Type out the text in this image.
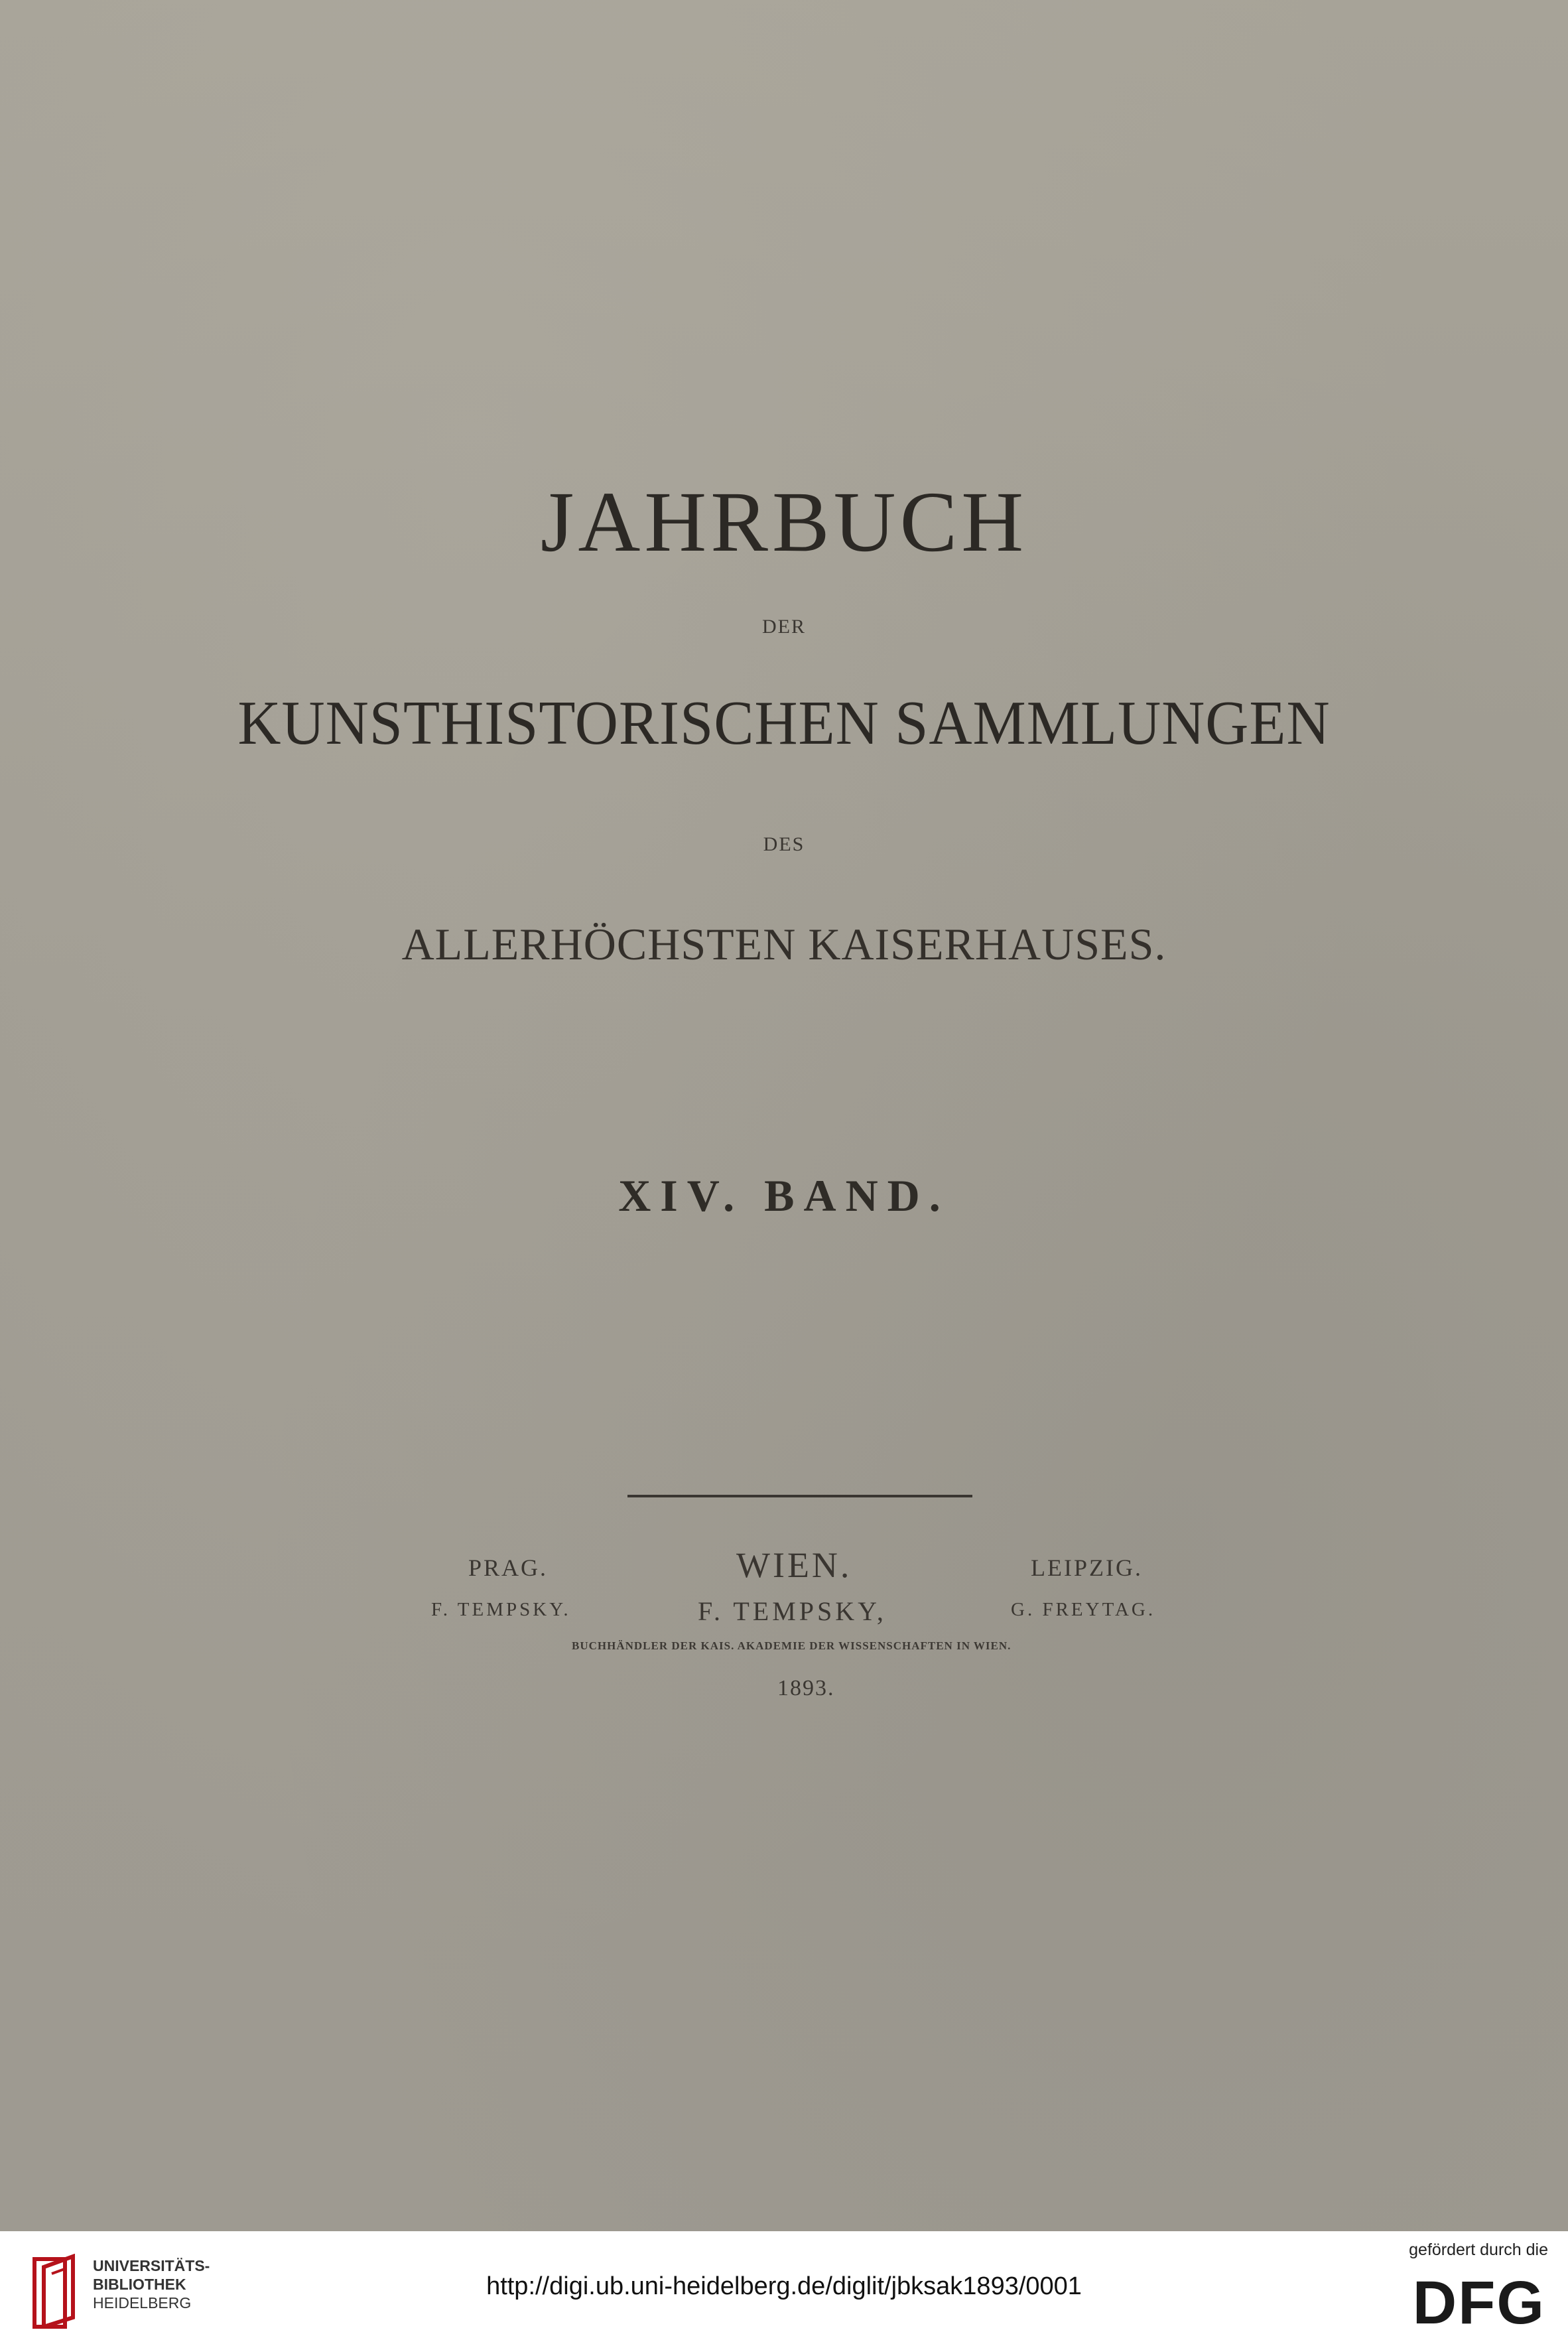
JAHRBUCH
DER
KUNSTHISTORISCHEN SAMMLUNGEN
DES
ALLERHÖCHSTEN KAISERHAUSES.
XIV. BAND.
PRAG.	WIEN.	LEIPZIG.
F. TEMPSKY.	F. TEMPSKY,	G. FREYTAG.
BUCHHÄNDLER DER KAIS. AKADEMIE DER WISSENSCHAFTEN IN WIEN.
1893.
UNIVERSITÄTS-
BIBLIOTHEK
HEIDELBERG
http://digi.ub.uni-heidelberg.de/diglit/jbksak1893/0001
gefördert durch die
DFG
